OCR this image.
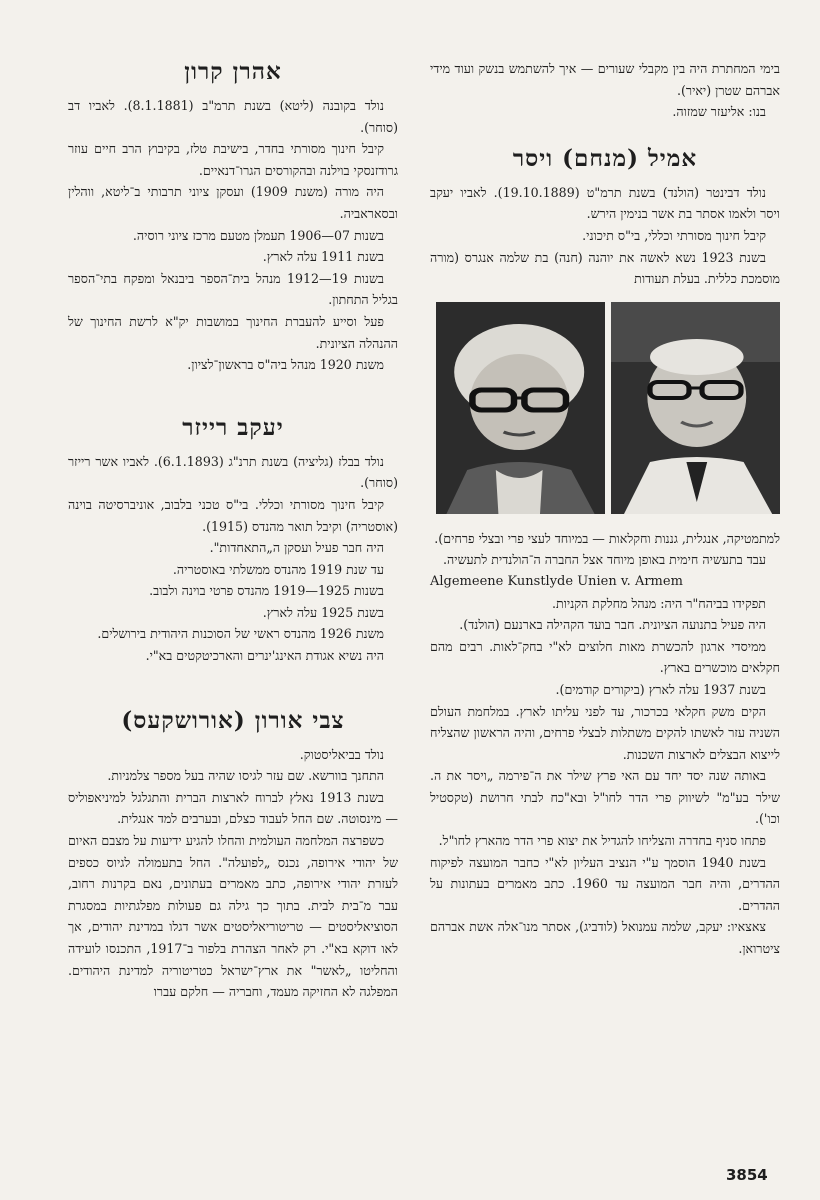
בימי המחתרת היה בין מקבלי שעורים — איך להשתמש בנשק ועוד מידי אברהם שטרן (יאיר).

בנו: אליעזר שמזוה.

אמיל (מנחם) ויסר

נולד דבינטר (הולנד) בשנת תרמ"ט (19.10.1889). לאביו יעקב ויסר ולאמו אסתר בת אשר בנימין הירש.

קיבל חינוך מסורתי וכללי, בי"ס תיכוני.

בשנת 1923 נשא לאשה את יוהנה (חנה) בת שלמה אנגרס (מורה מוסמכת כללית. בעלת תעודות

למתמטיקה, אנגלית, גננות וחקלאות — במיוחד לעצי פרי ובצלי פרחים).

עבד בתעשיה חימית באופן מיוחד אצל החברה ה־הולנדית לתעשיה.

Algemeene Kunstlyde Unien v. Armem

תפקידו בביהח"ר היה: מנהל מחלקת הקניות.

היה פעיל בתנועה הציונית. חבר בועד הקהילה בארנעם (הולנד).

ממיסדי ארגון להכשרת מאות חלוצים לא"י בחק־לאות. רבים מהם חקלאים מוכשרים בארץ.

בשנת 1937 עלה לארץ (ביקורים קודמים).

הקים משק חקלאי בכרכור, עד לפני עליתו לארץ. במלחמת העולם השניה עזר לאשתו להקים משתלות לבצלי פרחים, והיה הראשון שהצליח לייצוא הבצלים לארצות השכנות.

באותה שנה יסד יחד עם האי פרץ שילר את ה־פירמה „ויסר את ה. שילר בע"מ" לשיווק פרי הדר לחו"ל ובא"כח לבתי חרושת (טקסטיל וכו').

פתחו סניף בחדרה והצליחו להגדיל את יצוא פרי הדר מהארץ לחו"ל.

בשנת 1940 הוסמך ע"י הנציב העליון לא"י כחבר המועצה לפיקוח ההדרים, והיה חבר המועצה עד 1960. כתב מאמרים בעתונות על ההדרים.

צאצאיו: יעקב, שלמה עמנואל (לודביג), אסתר מנו־אלה אשת אברהם ציטרואן.

אהרן קרון

נולד בקובנה (ליטא) בשנת תרמ"ב (8.1.1881). לאביו דב (סוחר).

קיבל חינוך מסורתי בחדר, בישיבת טלז, בקיבוץ הרב חיים עוזר גרודזנסקי בוילנה ובהקורסים הגרו־דנאיים.

היה מורה (משנת 1909) ועסקן ציוני תרבותי ב־ליטא, ווהלין ובסאראביה.

בשנות 07—1906 תעמלן מטעם מרכז ציוני רוסיה.

בשנת 1911 עלה לארץ.

בשנות 19—1912 מנהל בית־הספר ביבנאל ומפקח בתי־הספר בגליל התחתון.

פעל וסייע להעברת החינוך במושבות יק"א לרשת החינוך של ההנהלה הציונית.

משנת 1920 מנהל ביה"ס בראשון־לציון.

יעקב רייזר

נולד בבלז (גליציה) בשנת תרנ"ג (6.1.1893). לאביו אשר רייזר (סוחר).

קיבל חינוך מסורתי וכללי. בי"ס טכני בלבוב, אוניברסיטה בוינה (אוסטריה) וקיבל תואר מהנדס (1915).

היה חבר פעיל ועסקן ה„התאחדות".

עד שנת 1919 מהנדס ממשלתי באוסטריה.

בשנות 1925—1919 מהנדס פרטי בוינה ולבוב.

בשנת 1925 עלה לארץ.

משנת 1926 מהנדס ראשי של הסוכנות היהודית בירושלים.

היה נשיא אגודת האינג'ינרים והארכיטקטים בא"י.

צבי אורון (אורושקעס)

נולד בביאליסטוק.

התחנך בוורשא. שם עזר לגיסו שהיה בעל מספר צלמניות.

בשנת 1913 נאלץ לברוח לארצות הברית והתגלגל למיניאפוליס — מינסוטה. שם החל לעבוד כצלם, ובערבים למד אנגלית.

כשפרצה המלחמה העולמית והחלו להגיע ידיעות על מצבם האיום של יהודי אירופה, נכנס „לפועלה". החל בתעמולה לגיוס כספים לעזרת יהודי אירופה, כתב מאמרים בעתונים, נאם בקרנות רחוב, עבר מ־בית לבית. בתוך כך גילה גם פעולות מפלגתיות במסגרת הסוציאליסטים — טריטוריאליסטים אשר דגלו במדינת יהודים, אך לאו דוקא בא"י. רק לאחר הצהרת בלפור ב־1917, התכנסו לועידה והחליטו „לאשר" את ארץ־ישראל כטריטוריה למדינת היהודים. המפלגה לא החזיקה מעמד, וחבריה — חלקם עברו

3854
